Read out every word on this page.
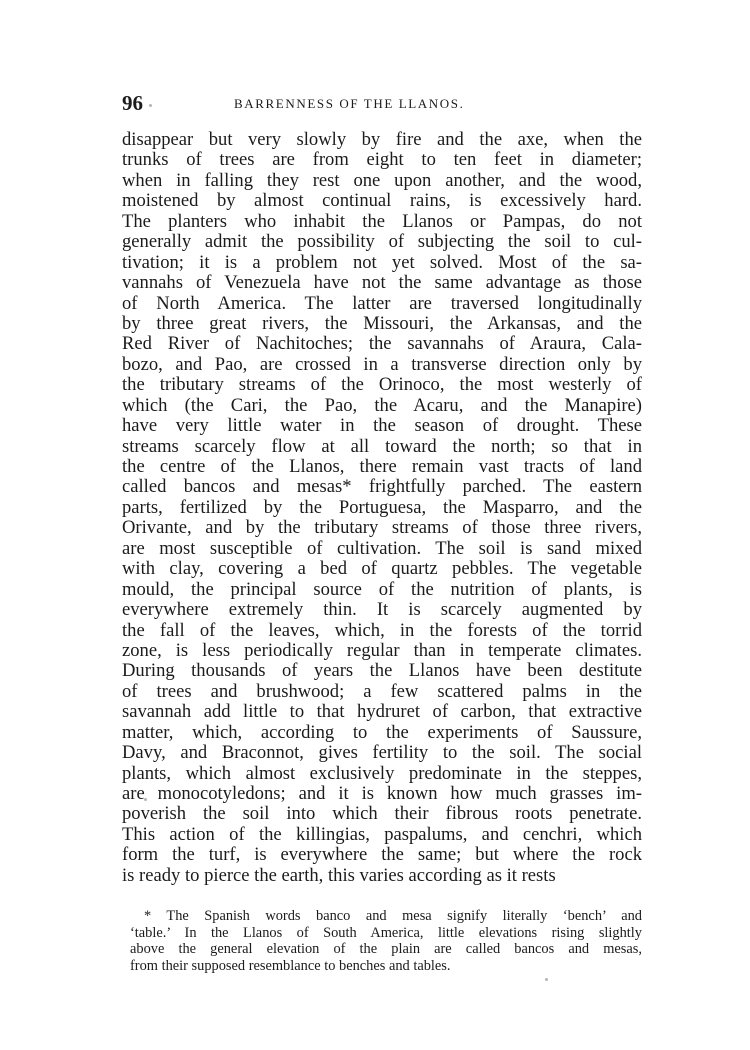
96	BARRENNESS OF THE LLANOS.
disappear but very slowly by fire and the axe, when the
trunks of trees are from eight to ten feet in diameter;
when in falling they rest one upon another, and the wood,
moistened by almost continual rains, is excessively hard.
The planters who inhabit the Llanos or Pampas, do not
generally admit the possibility of subjecting the soil to cul-
tivation; it is a problem not yet solved. Most of the sa-
vannahs of Venezuela have not the same advantage as those
of North America. The latter are traversed longitudinally
by three great rivers, the Missouri, the Arkansas, and the
Red River of Nachitoches; the savannahs of Araura, Cala-
bozo, and Pao, are crossed in a transverse direction only by
the tributary streams of the Orinoco, the most westerly of
which (the Cari, the Pao, the Acaru, and the Manapire)
have very little water in the season of drought. These
streams scarcely flow at all toward the north; so that in
the centre of the Llanos, there remain vast tracts of land
called bancos and mesas* frightfully parched. The eastern
parts, fertilized by the Portuguesa, the Masparro, and the
Orivante, and by the tributary streams of those three rivers,
are most susceptible of cultivation. The soil is sand mixed
with clay, covering a bed of quartz pebbles. The vegetable
mould, the principal source of the nutrition of plants, is
everywhere extremely thin. It is scarcely augmented by
the fall of the leaves, which, in the forests of the torrid
zone, is less periodically regular than in temperate climates.
During thousands of years the Llanos have been destitute
of trees and brushwood; a few scattered palms in the
savannah add little to that hydruret of carbon, that extractive
matter, which, according to the experiments of Saussure,
Davy, and Braconnot, gives fertility to the soil. The social
plants, which almost exclusively predominate in the steppes,
are monocotyledons; and it is known how much grasses im-
poverish the soil into which their fibrous roots penetrate.
This action of the killingias, paspalums, and cenchri, which
form the turf, is everywhere the same; but where the rock
is ready to pierce the earth, this varies according as it rests
* The Spanish words banco and mesa signify literally ‘bench’ and
‘table.’ In the Llanos of South America, little elevations rising slightly
above the general elevation of the plain are called bancos and mesas,
from their supposed resemblance to benches and tables.
